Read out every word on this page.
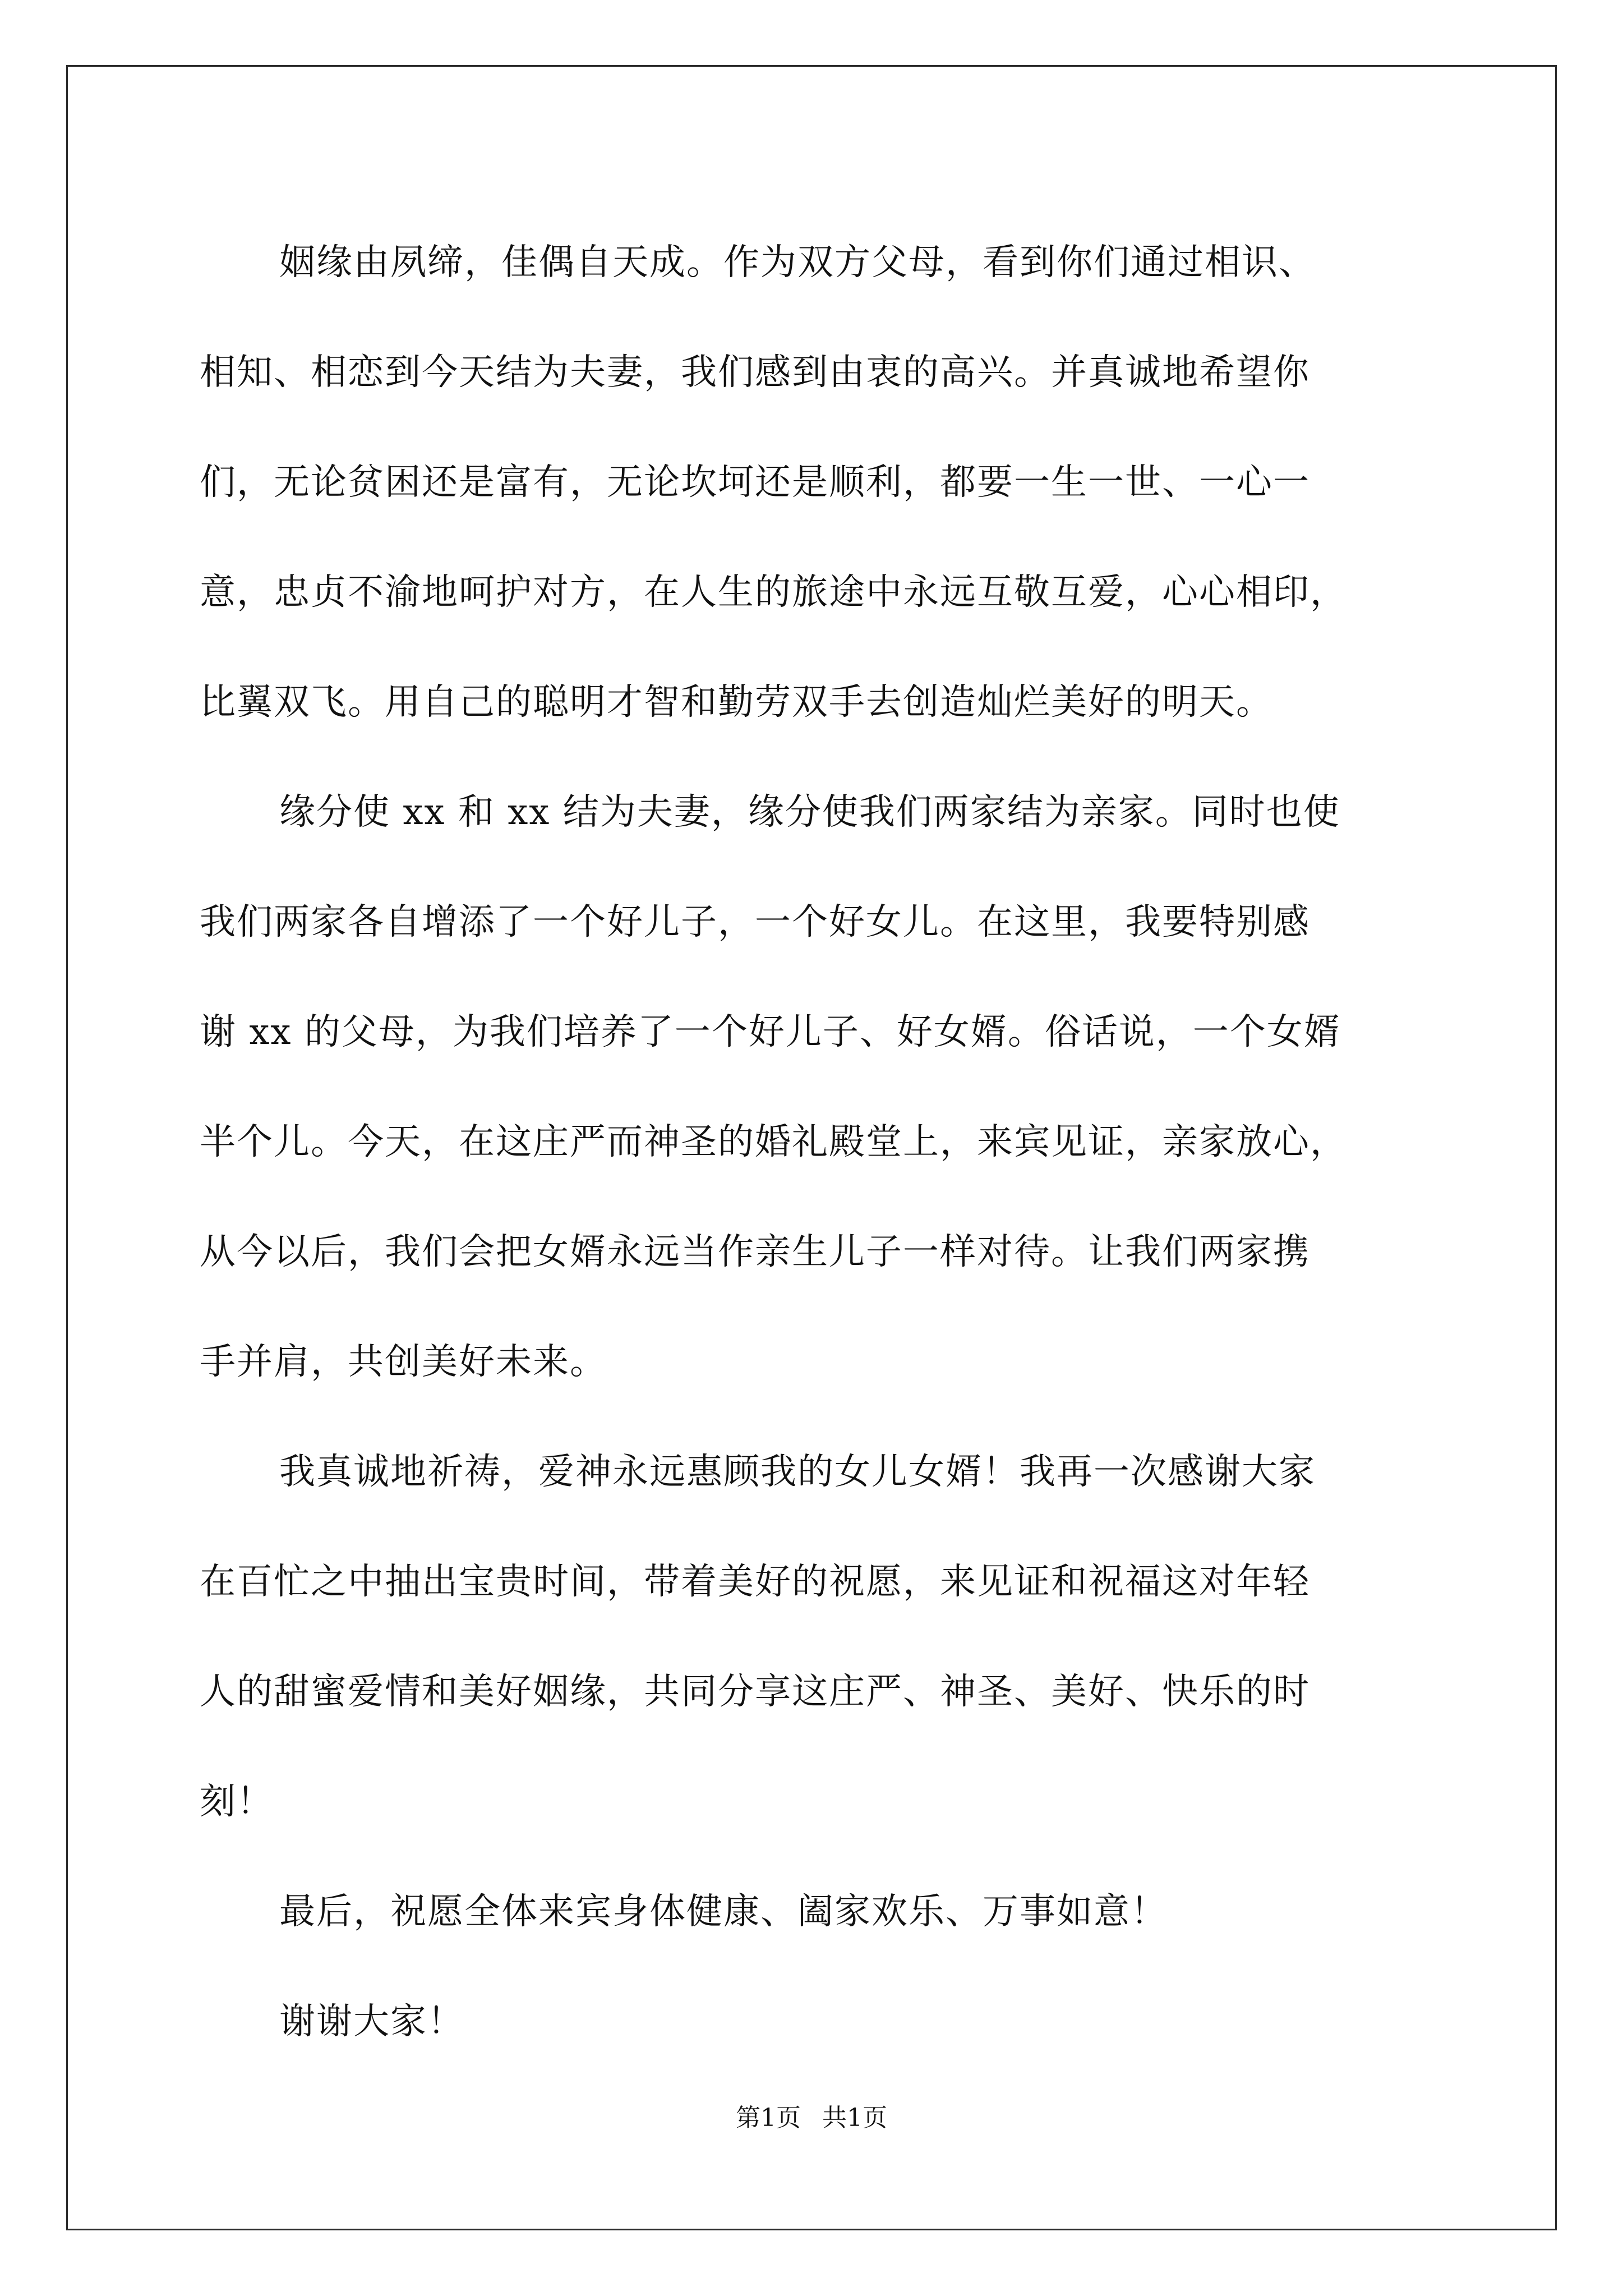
姻缘由夙缔，佳偶自天成。作为双方父母，看到你们通过相识、
相知、相恋到今天结为夫妻，我们感到由衷的高兴。并真诚地希望你
们，无论贫困还是富有，无论坎坷还是顺利，都要一生一世、一心一
意，忠贞不渝地呵护对方，在人生的旅途中永远互敬互爱，心心相印，
比翼双飞。用自己的聪明才智和勤劳双手去创造灿烂美好的明天。

缘分使 xx 和 xx 结为夫妻，缘分使我们两家结为亲家。同时也使
我们两家各自增添了一个好儿子，一个好女儿。在这里，我要特别感
谢 xx 的父母，为我们培养了一个好儿子、好女婿。俗话说，一个女婿
半个儿。今天，在这庄严而神圣的婚礼殿堂上，来宾见证，亲家放心，
从今以后，我们会把女婿永远当作亲生儿子一样对待。让我们两家携
手并肩，共创美好未来。

我真诚地祈祷，爱神永远惠顾我的女儿女婿！我再一次感谢大家
在百忙之中抽出宝贵时间，带着美好的祝愿，来见证和祝福这对年轻
人的甜蜜爱情和美好姻缘，共同分享这庄严、神圣、美好、快乐的时
刻！

最后，祝愿全体来宾身体健康、阖家欢乐、万事如意！

谢谢大家！

第1页 共1页
